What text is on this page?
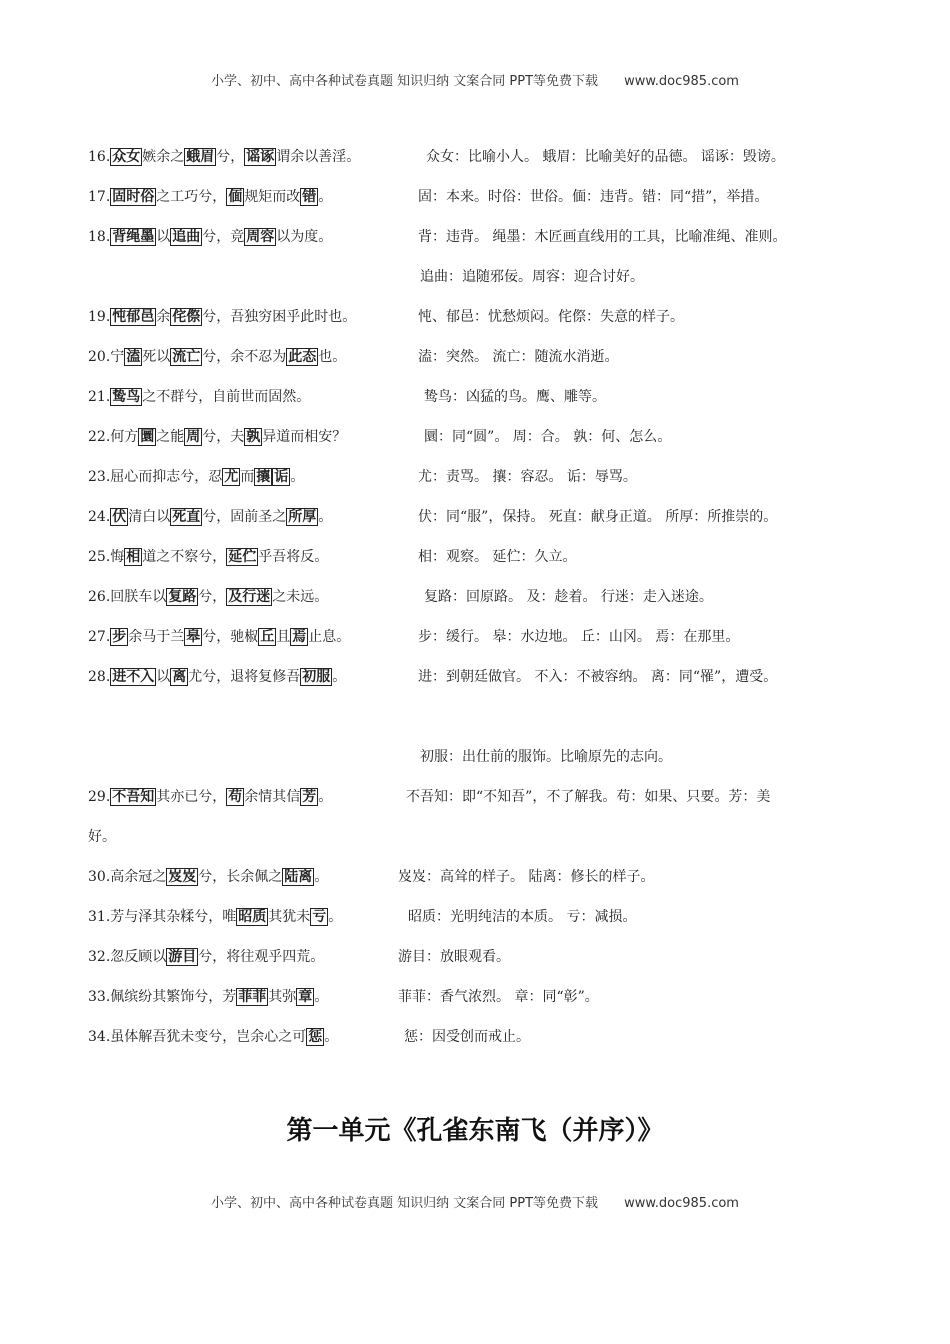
小学、初中、高中各种试卷真题 知识归纳 文案合同 PPT等免费下载 www.doc985.com
16. 众女 嫉余之 蛾眉 兮， 谣诼 谓余以善淫。	众女：比喻小人。 蛾眉：比喻美好的品德。 谣诼：毁谤。
17. 固时俗 之工巧兮， 偭 规矩而改 错 。	固：本来。时俗：世俗。偭：违背。错：同“措”，举措。
18. 背绳墨 以 追曲 兮，竞 周容 以为度。	背：违背。 绳墨：木匠画直线用的工具，比喻准绳、准则。
追曲：追随邪佞。周容：迎合讨好。
19. 忳郁邑 余 侘傺 兮，吾独穷困乎此时也。	忳、郁邑：忧愁烦闷。侘傺：失意的样子。
20.宁 溘 死以 流亡 兮，余不忍为 此态 也。	溘：突然。 流亡：随流水消逝。
21. 鸷鸟 之不群兮，自前世而固然。	鸷鸟：凶猛的鸟。鹰、雕等。
22.何方 圜 之能 周 兮，夫 孰 异道而相安？	圜：同“圆”。 周：合。 孰：何、怎么。
23.屈心而抑志兮，忍 尤 而 攘 诟 。	尤：责骂。 攘：容忍。 诟：辱骂。
24. 伏 清白以 死直 兮，固前圣之 所厚 。	伏：同“服”，保持。 死直：献身正道。 所厚：所推崇的。
25.悔 相 道之不察兮， 延伫 乎吾将反。	相：观察。 延伫：久立。
26.回朕车以 复路 兮， 及行迷 之未远。	复路：回原路。 及：趁着。 行迷：走入迷途。
27. 步 余马于兰 皋 兮，驰椒 丘 且 焉 止息。	步：缓行。 皋：水边地。 丘：山冈。 焉：在那里。
28. 进不入 以 离 尤兮，退将复修吾 初服 。	进：到朝廷做官。 不入：不被容纳。 离：同“罹”，遭受。
初服：出仕前的服饰。比喻原先的志向。
29. 不吾知 其亦已兮， 苟 余情其信 芳 。	不吾知：即“不知吾”，不了解我。苟：如果、只要。芳：美
好。
30.高余冠之 岌岌 兮，长余佩之 陆离 。	岌岌：高耸的样子。 陆离：修长的样子。
31.芳与泽其杂糅兮，唯 昭质 其犹未 亏 。	昭质：光明纯洁的本质。 亏：减损。
32.忽反顾以 游目 兮，将往观乎四荒。	游目：放眼观看。
33.佩缤纷其繁饰兮，芳 菲菲 其弥 章 。	菲菲：香气浓烈。 章：同“彰”。
34.虽体解吾犹未变兮，岂余心之可 惩 。	惩：因受创而戒止。
第一单元《孔雀东南飞（并序）》
小学、初中、高中各种试卷真题 知识归纳 文案合同 PPT等免费下载 www.doc985.com
